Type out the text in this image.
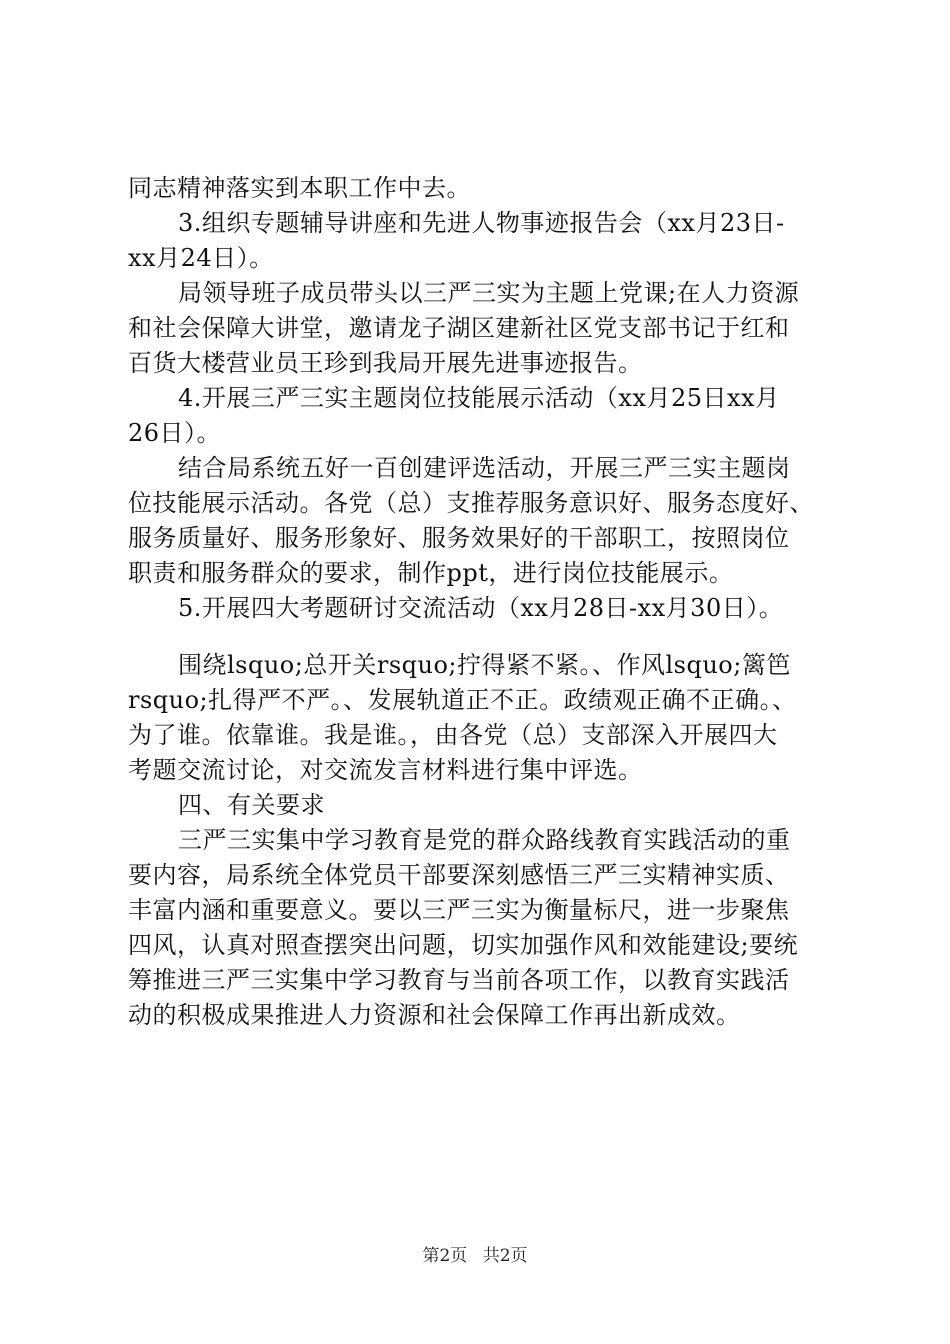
同志精神落实到本职工作中去。
3.组织专题辅导讲座和先进人物事迹报告会（xx月23日-
xx月24日）。
局领导班子成员带头以三严三实为主题上党课;在人力资源
和社会保障大讲堂，邀请龙子湖区建新社区党支部书记于红和
百货大楼营业员王珍到我局开展先进事迹报告。
4.开展三严三实主题岗位技能展示活动（xx月25日xx月
26日）。
结合局系统五好一百创建评选活动，开展三严三实主题岗
位技能展示活动。各党（总）支推荐服务意识好、服务态度好、
服务质量好、服务形象好、服务效果好的干部职工，按照岗位
职责和服务群众的要求，制作ppt，进行岗位技能展示。
5.开展四大考题研讨交流活动（xx月28日-xx月30日）。
围绕lsquo;总开关rsquo;拧得紧不紧。、作风lsquo;篱笆
rsquo;扎得严不严。、发展轨道正不正。政绩观正确不正确。、
为了谁。依靠谁。我是谁。，由各党（总）支部深入开展四大
考题交流讨论，对交流发言材料进行集中评选。
四、有关要求
三严三实集中学习教育是党的群众路线教育实践活动的重
要内容，局系统全体党员干部要深刻感悟三严三实精神实质、
丰富内涵和重要意义。要以三严三实为衡量标尺，进一步聚焦
四风，认真对照查摆突出问题，切实加强作风和效能建设;要统
筹推进三严三实集中学习教育与当前各项工作，以教育实践活
动的积极成果推进人力资源和社会保障工作再出新成效。
第2页 共2页
